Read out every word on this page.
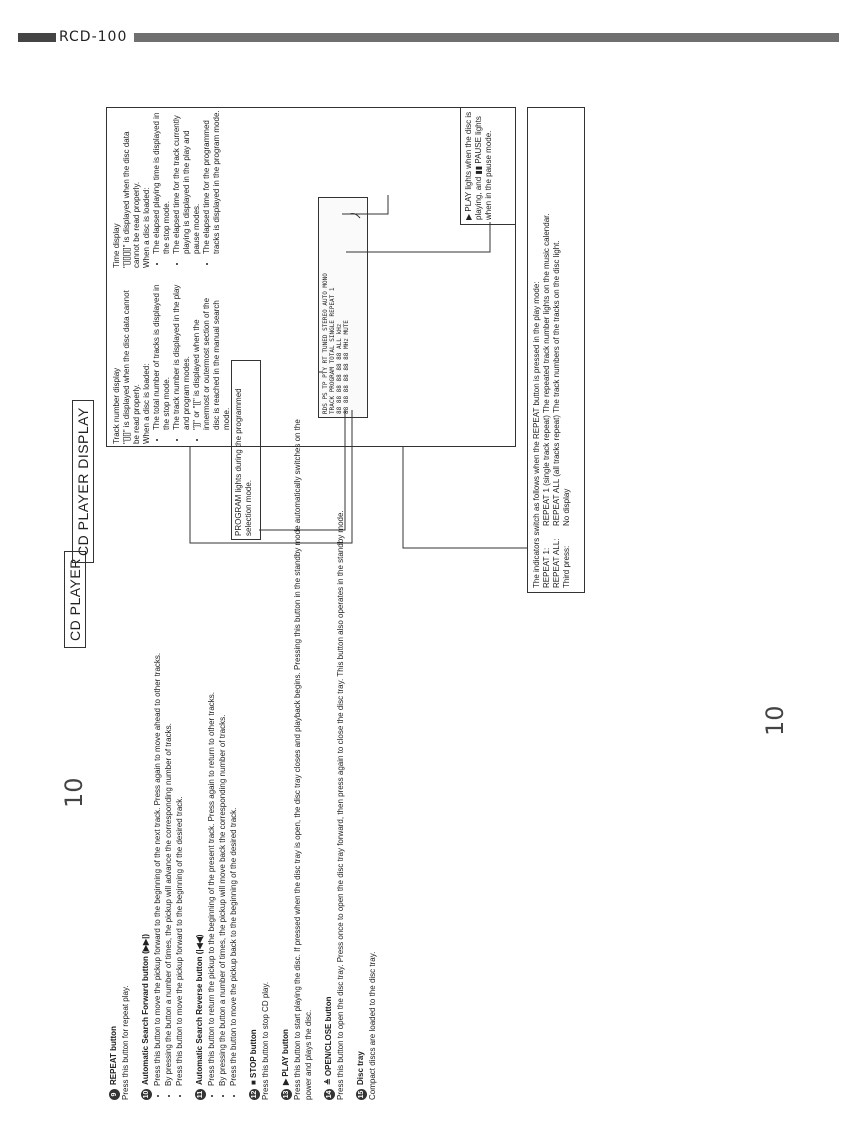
RCD-100
10
10
CD PLAYER
9REPEAT button Press this button for repeat play.	10Automatic Search Forward button (▶▶|) • Press this button to move the pickup forward to the beginning of the next track. Press again to move ahead to other tracks. • By pressing the button a number of times, the pickup will advance the corresponding number of tracks. • Press this button to move the pickup forward to the beginning of the desired track.
11Automatic Search Reverse button (|◀◀) • Press this button to return the pickup to the beginning of the present track. Press again to return to other tracks. • By pressing the button a number of times, the pickup will move back the corresponding number of tracks. • Press the button to move the pickup back to the beginning of the desired track.
12■ STOP button Press this button to stop CD play.	13▶ PLAY button Press this button to start playing the disc. If pressed when the disc tray is open, the disc tray closes and playback begins. Pressing this button in the standby mode automatically switches on the power and plays the disc.	14≜ OPEN/CLOSE button Press this button to open the disc tray. Press once to open the disc tray forward, then press again to close the disc tray. This button also operates in the standby mode.	15Disc tray Compact discs are loaded to the disc tray.
CD PLAYER DISPLAY
Track number display "[][]" is displayed when the disc data cannot be read properly. When a disc is loaded: • The total number of tracks is displayed in the stop mode. • The track number is displayed in the play and program modes. • "]]" or "[[" is displayed when the innermost or outermost section of the disc is reached in the manual search mode.
Time display "[][][][]" is displayed when the disc data cannot be read properly. When a disc is loaded: • The elapsed playing time is displayed in the stop mode. • The elapsed time for the track currently playing is displayed in the play and pause modes. • The elapsed time for the programmed tracks is displayed in the program mode.
PROGRAM lights during the programmed selection mode.
RDS PS TP PTY RT TUNED STEREO AUTO MONO TRACK PROGRAM TOTAL SINGLE REPEAT 1 88 88 88 88 88 88 ALL kHz 88 88 88 88 88 88 MHz MUTE
▶ PLAY lights when the disc is playing, and ▮▮ PAUSE lights when in the pause mode.
The indicators switch as follows when the REPEAT button is pressed in the play mode: REPEAT 1:
REPEAT 1 (single track repeat) The repeated track number lights on the music calendar.
REPEAT ALL:
REPEAT ALL (all tracks repeat) The track numbers of the tracks on the disc light.
Third press:
No display
